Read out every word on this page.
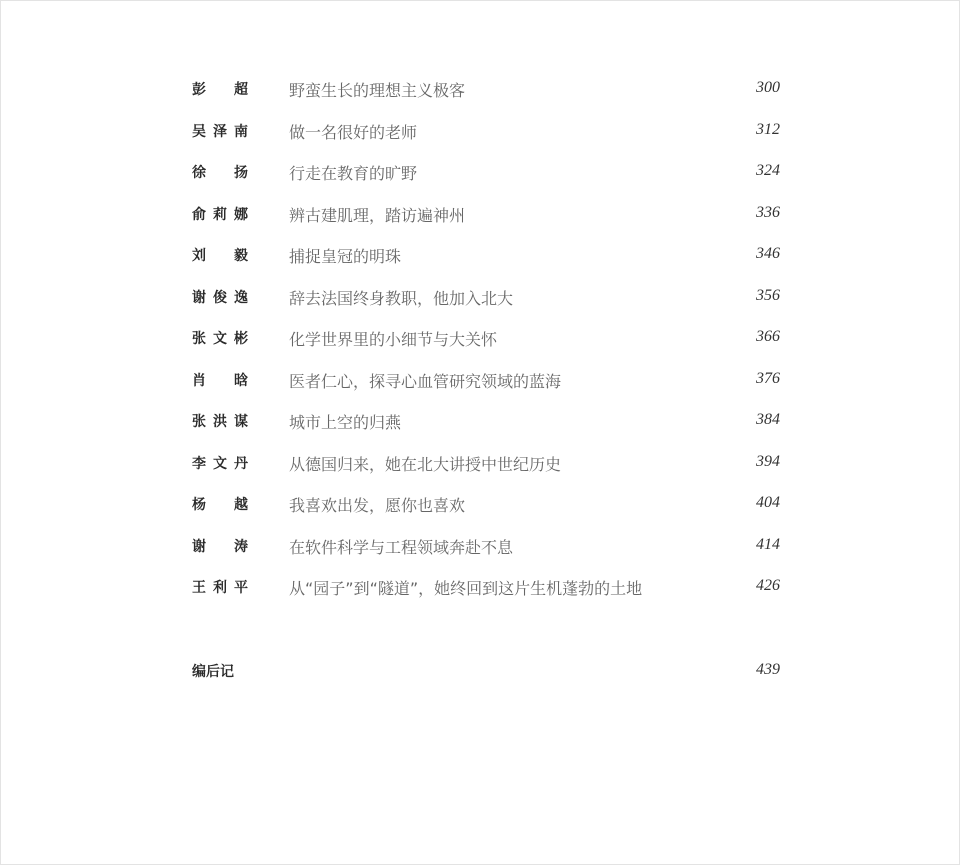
彭 超	野蛮生长的理想主义极客	300
吴 泽 南	做一名很好的老师	312
徐 扬	行走在教育的旷野	324
俞 莉 娜	辨古建肌理，踏访遍神州	336
刘 毅	捕捉皇冠的明珠	346
谢 俊 逸	辞去法国终身教职，他加入北大	356
张 文 彬	化学世界里的小细节与大关怀	366
肖 晗	医者仁心，探寻心血管研究领域的蓝海	376
张 洪 谋	城市上空的归燕	384
李 文 丹	从德国归来，她在北大讲授中世纪历史	394
杨 越	我喜欢出发，愿你也喜欢	404
谢 涛	在软件科学与工程领域奔赴不息	414
王 利 平	从“园子”到“隧道”，她终回到这片生机蓬勃的土地	426
编后记	439
